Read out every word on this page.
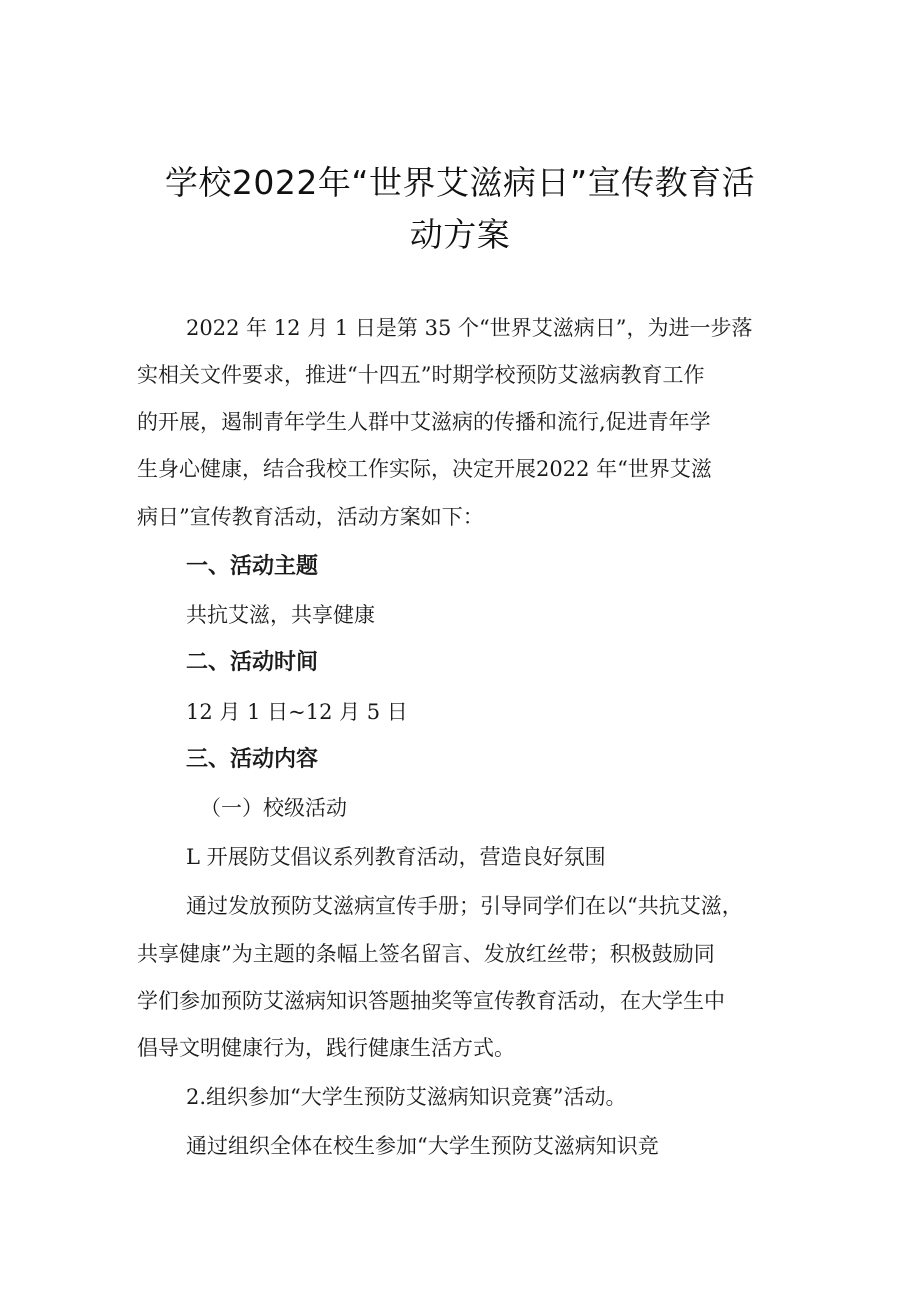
学校2022年“世界艾滋病日”宣传教育活
动方案

2022 年 12 月 1 日是第 35 个“世界艾滋病日”，为进一步落

实相关文件要求，推进“十四五”时期学校预防艾滋病教育工作

的开展，遏制青年学生人群中艾滋病的传播和流行,促进青年学

生身心健康，结合我校工作实际，决定开展2022 年“世界艾滋

病日”宣传教育活动，活动方案如下：

一、活动主题

共抗艾滋，共享健康

二、活动时间

12 月 1 日~12 月 5 日

三、活动内容

（一）校级活动

L 开展防艾倡议系列教育活动，营造良好氛围

通过发放预防艾滋病宣传手册；引导同学们在以“共抗艾滋，

共享健康”为主题的条幅上签名留言、发放红丝带；积极鼓励同

学们参加预防艾滋病知识答题抽奖等宣传教育活动，在大学生中

倡导文明健康行为，践行健康生活方式。

2.组织参加“大学生预防艾滋病知识竞赛”活动。

通过组织全体在校生参加“大学生预防艾滋病知识竞
